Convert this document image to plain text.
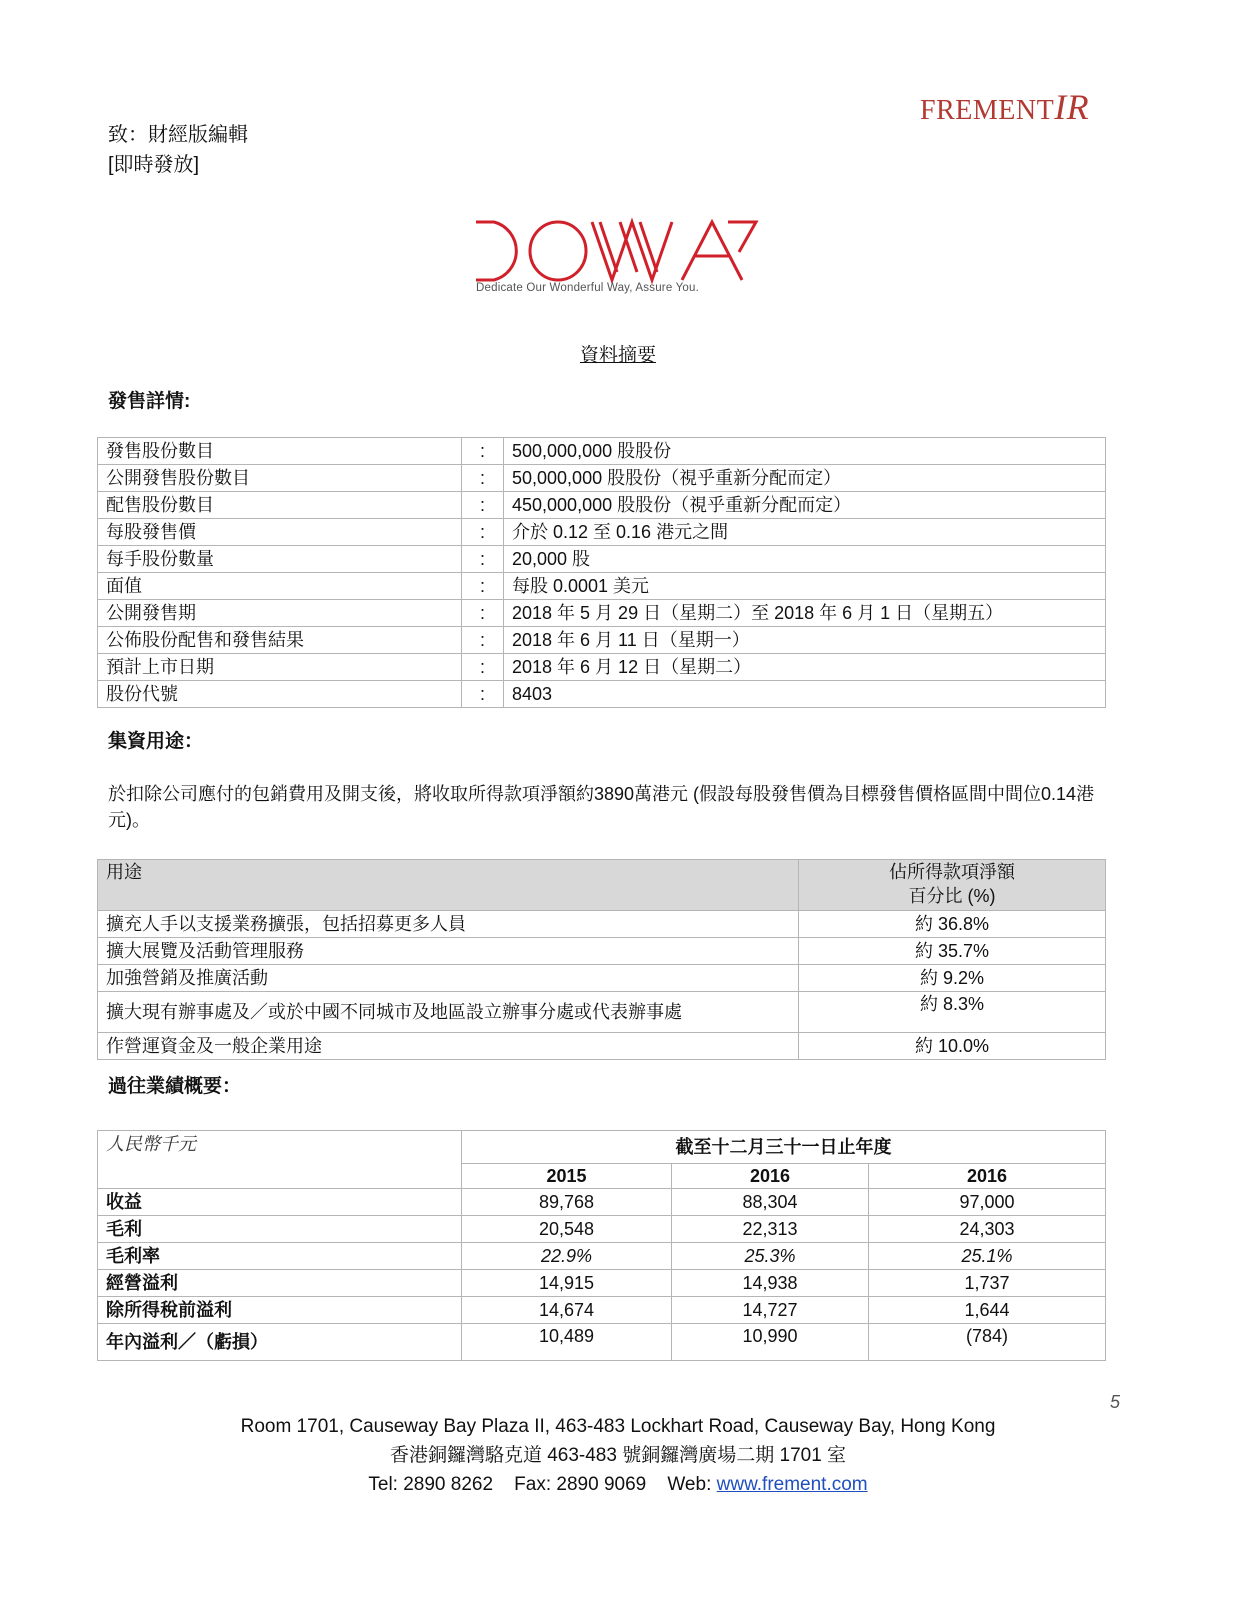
FREMENTIR
致：財經版編輯
[即時發放]
Dedicate Our Wonderful Way, Assure You.
資料摘要
發售詳情:
發售股份數目	:	500,000,000 股股份
公開發售股份數目	:	50,000,000 股股份（視乎重新分配而定）
配售股份數目	:	450,000,000 股股份（視乎重新分配而定）
每股發售價	:	介於 0.12 至 0.16 港元之間
每手股份數量	:	20,000 股
面值	:	每股 0.0001 美元
公開發售期	:	2018 年 5 月 29 日（星期二）至 2018 年 6 月 1 日（星期五）
公佈股份配售和發售結果	:	2018 年 6 月 11 日（星期一）
預計上市日期	:	2018 年 6 月 12 日（星期二）
股份代號	:	8403
集資用途：
於扣除公司應付的包銷費用及開支後，將收取所得款項淨額約3890萬港元 (假設每股發售價為目標發售價格區間中間位0.14港元)。
用途	佔所得款項淨額
百分比 (%)

擴充人手以支援業務擴張，包括招募更多人員	約 36.8%
擴大展覽及活動管理服務	約 35.7%
加強營銷及推廣活動	約 9.2%
擴大現有辦事處及／或於中國不同城市及地區設立辦事分處或代表辦事處	約 8.3%
作營運資金及一般企業用途	約 10.0%
過往業績概要：
人民幣千元	截至十二月三十一日止年度		
	2015	2016	2016
收益	89,768	88,304	97,000
毛利	20,548	22,313	24,303
毛利率	22.9%	25.3%	25.1%
經營溢利	14,915	14,938	1,737
除所得稅前溢利	14,674	14,727	1,644
年內溢利／（虧損）	10,489	10,990	(784)
5
Room 1701, Causeway Bay Plaza II, 463-483 Lockhart Road, Causeway Bay, Hong Kong
香港銅鑼灣駱克道 463-483 號銅鑼灣廣場二期 1701 室
Tel: 2890 8262 Fax: 2890 9069 Web: www.frement.com
